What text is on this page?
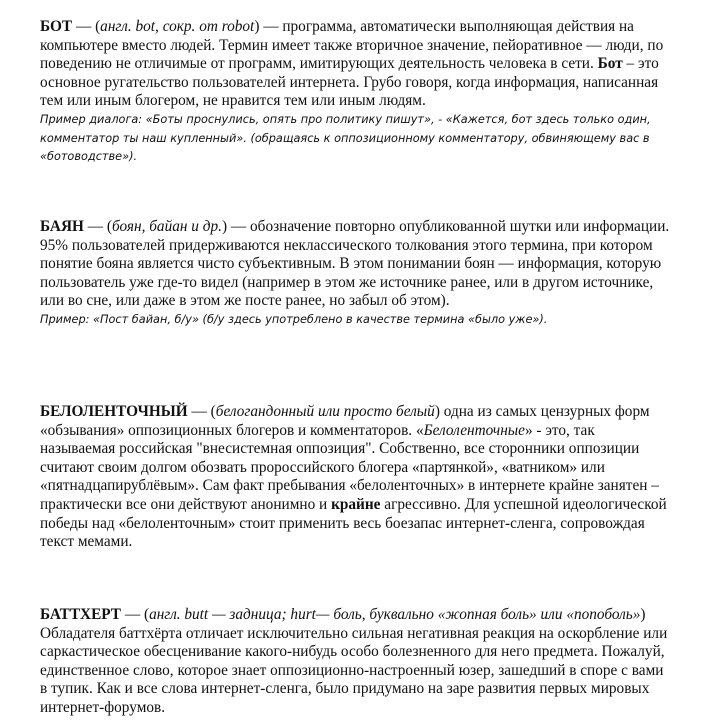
БОТ — (англ. bot, сокр. от robot) — программа, автоматически выполняющая действия на компьютере вместо людей. Термин имеет также вторичное значение, пейоративное — люди, по поведению не отличимые от программ, имитирующих деятельность человека в сети. Бот – это основное ругательство пользователей интернета. Грубо говоря, когда информация, написанная тем или иным блогером, не нравится тем или иным людям.

Пример диалога: «Боты проснулись, опять про политику пишут», - «Кажется, бот здесь только один, комментатор ты наш купленный». (обращаясь к оппозиционному комментатору, обвиняющему вас в «ботоводстве»).

БАЯН — (боян, байан и др.) — обозначение повторно опубликованной шутки или информации. 95% пользователей придерживаются неклассического толкования этого термина, при котором понятие бояна является чисто субъективным. В этом понимании боян — информация, которую пользователь уже где-то видел (например в этом же источнике ранее, или в другом источнике, или во сне, или даже в этом же посте ранее, но забыл об этом).

Пример: «Пост байан, б/у» (б/у здесь употреблено в качестве термина «было уже»).

БЕЛОЛЕНТОЧНЫЙ — (белогандонный или просто белый) одна из самых цензурных форм «обзывания» оппозиционных блогеров и комментаторов. «Белоленточные» - это, так называемая российская "внесистемная оппозиция". Собственно, все сторонники оппозиции считают своим долгом обозвать пророссийского блогера «партянкой», «ватником» или «пятнадцапирублёвым». Сам факт пребывания «белоленточных» в интернете крайне занятен – практически все они действуют анонимно и крайне агрессивно. Для успешной идеологической победы над «белоленточным» стоит применить весь боезапас интернет-сленга, сопровождая текст мемами.

БАТТХЕРТ — (англ. butt — задница; hurt— боль, буквально «жопная боль» или «попоболь») Обладателя баттхёрта отличает исключительно сильная негативная реакция на оскорбление или саркастическое обесценивание какого-нибудь особо болезненного для него предмета. Пожалуй, единственное слово, которое знает оппозиционно-настроенный юзер, зашедший в споре с вами в тупик. Как и все слова интернет-сленга, было придумано на заре развития первых мировых интернет-форумов.
